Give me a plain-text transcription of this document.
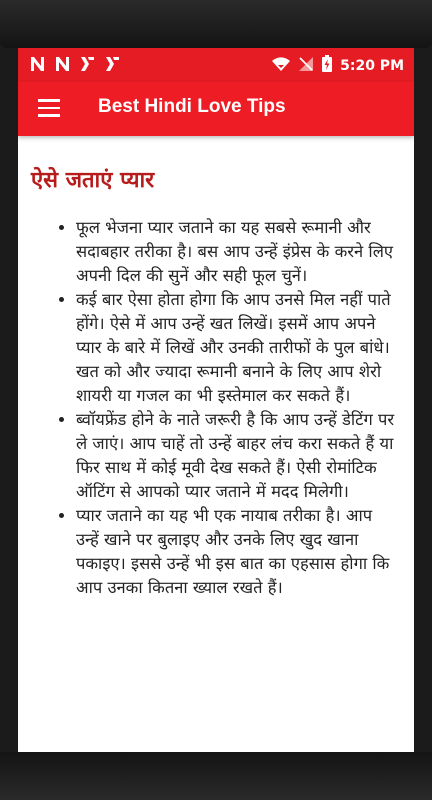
5:20 PM
Best Hindi Love Tips
ऐसे जताएं प्यार
• फूल भेजना प्यार जताने का यह सबसे रूमानी और सदाबहार तरीका है। बस आप उन्हें इंप्रेस के करने लिए अपनी दिल की सुनें और सही फूल चुनें।
• कई बार ऐसा होता होगा कि आप उनसे मिल नहीं पाते होंगे। ऐसे में आप उन्हें खत लिखें। इसमें आप अपने प्यार के बारे में लिखें और उनकी तारीफों के पुल बांधे। खत को और ज्यादा रूमानी बनाने के लिए आप शेरो शायरी या गजल का भी इस्तेमाल कर सकते हैं।
• ब्वॉयफ्रेंड होने के नाते जरूरी है कि आप उन्हें डेटिंग पर ले जाएं। आप चाहें तो उन्हें बाहर लंच करा सकते हैं या फिर साथ में कोई मूवी देख सकते हैं। ऐसी रोमांटिक ऑटिंग से आपको प्यार जताने में मदद मिलेगी।
• प्यार जताने का यह भी एक नायाब तरीका है। आप उन्हें खाने पर बुलाइए और उनके लिए खुद खाना पकाइए। इससे उन्हें भी इस बात का एहसास होगा कि आप उनका कितना ख्याल रखते हैं।
